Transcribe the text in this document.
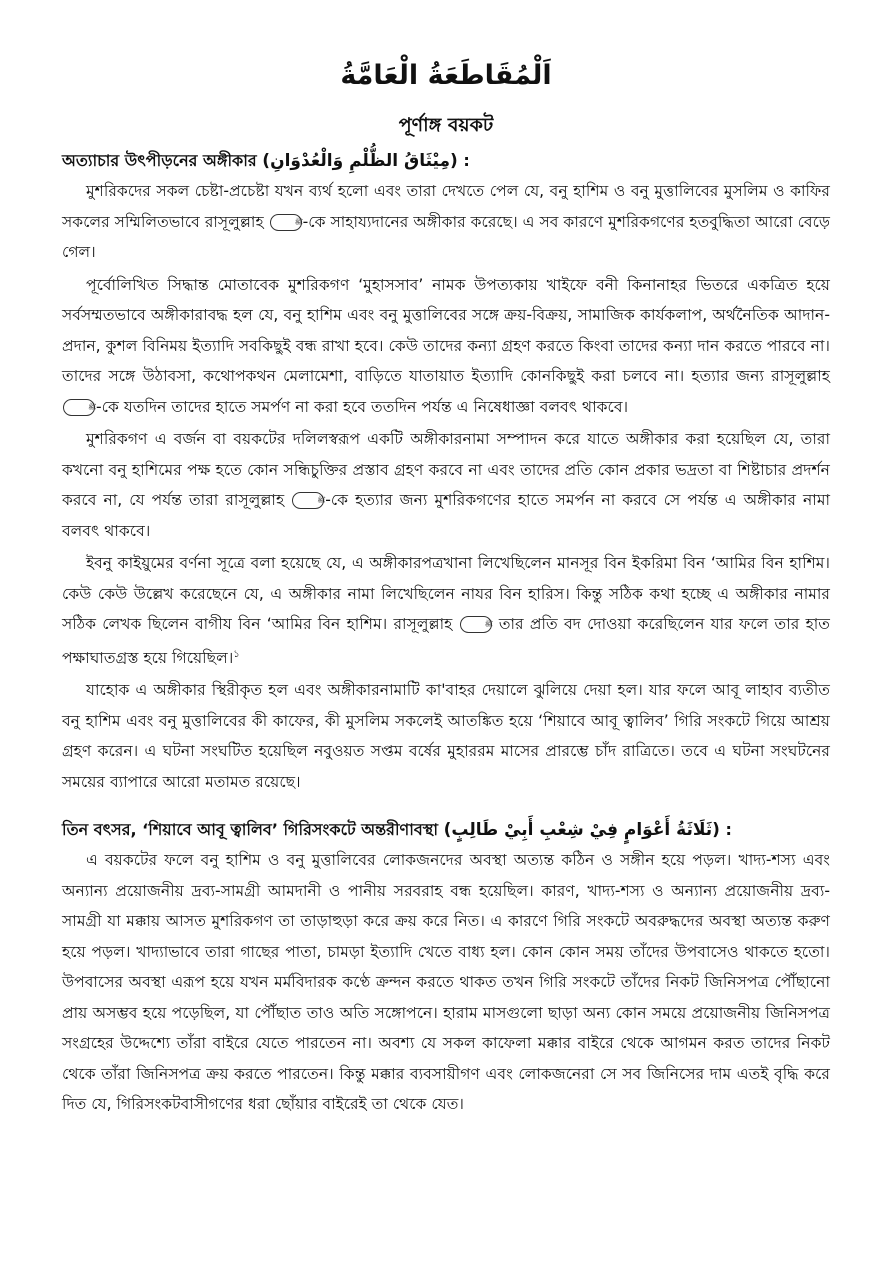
اَلْمُقَاطَعَةُ الْعَامَّةُ
পূর্ণাঙ্গ বয়কট
অত্যাচার উৎপীড়নের অঙ্গীকার (مِيْثَاقُ الظُّلْمِ وَالْعُدْوَانِ) :

মুশরিকদের সকল চেষ্টা-প্রচেষ্টা যখন ব্যর্থ হলো এবং তারা দেখতে পেল যে, বনু হাশিম ও বনু মুত্তালিবের মুসলিম ও কাফির সকলের সম্মিলিতভাবে রাসূলুল্লাহ	ﷺ-কে সাহায্যদানের অঙ্গীকার করেছে। এ সব কারণে মুশরিকগণের হতবুদ্ধিতা আরো বেড়ে গেল।

পূর্বোলিখিত সিদ্ধান্ত মোতাবেক মুশরিকগণ ‘মুহাসসাব’ নামক উপত্যকায় খাইফে বনী কিনানাহর ভিতরে একত্রিত হয়ে সর্বসম্মতভাবে অঙ্গীকারাবদ্ধ হল যে, বনু হাশিম এবং বনু মুত্তালিবের সঙ্গে ক্রয়-বিক্রয়, সামাজিক কার্যকলাপ, অর্থনৈতিক আদান-প্রদান, কুশল বিনিময় ইত্যাদি সবকিছুই বন্ধ রাখা হবে। কেউ তাদের কন্যা গ্রহণ করতে কিংবা তাদের কন্যা দান করতে পারবে না। তাদের সঙ্গে উঠাবসা, কথোপকথন মেলামেশা, বাড়িতে যাতায়াত ইত্যাদি কোনকিছুই করা চলবে না। হত্যার জন্য রাসূলুল্লাহ ﷺ-কে যতদিন তাদের হাতে সমর্পণ না করা হবে ততদিন পর্যন্ত এ নিষেধাজ্ঞা বলবৎ থাকবে।

মুশরিকগণ এ বর্জন বা বয়কটের দলিলস্বরূপ একটি অঙ্গীকারনামা সম্পাদন করে যাতে অঙ্গীকার করা হয়েছিল যে, তারা কখনো বনু হাশিমের পক্ষ হতে কোন সন্ধিচুক্তির প্রস্তাব গ্রহণ করবে না এবং তাদের প্রতি কোন প্রকার ভদ্রতা বা শিষ্টাচার প্রদর্শন করবে না, যে পর্যন্ত তারা রাসূলুল্লাহ	ﷺ-কে হত্যার জন্য মুশরিকগণের হাতে সমর্পন না করবে সে পর্যন্ত এ অঙ্গীকার নামা বলবৎ থাকবে।

ইবনু কাইয়ুমের বর্ণনা সূত্রে বলা হয়েছে যে, এ অঙ্গীকারপত্রখানা লিখেছিলেন মানসূর বিন ইকরিমা বিন ‘আমির বিন হাশিম। কেউ কেউ উল্লেখ করেছেনে যে, এ অঙ্গীকার নামা লিখেছিলেন নাযর বিন হারিস। কিন্তু সঠিক কথা হচ্ছে এ অঙ্গীকার নামার সঠিক লেখক ছিলেন বাগীয বিন ‘আমির বিন হাশিম। রাসূলুল্লাহ	ﷺ তার প্রতি বদ দোওয়া করেছিলেন যার ফলে তার হাত পক্ষাঘাতগ্রস্ত হয়ে গিয়েছিল।$^১$

যাহোক এ অঙ্গীকার স্থিরীকৃত হল এবং অঙ্গীকারনামাটি কা'বাহর দেয়ালে ঝুলিয়ে দেয়া হল। যার ফলে আবূ লাহাব ব্যতীত বনু হাশিম এবং বনু মুত্তালিবের কী কাফের, কী মুসলিম সকলেই আতঙ্কিত হয়ে ‘শিয়াবে আবূ ত্বালিব’ গিরি সংকটে গিয়ে আশ্রয় গ্রহণ করেন। এ ঘটনা সংঘটিত হয়েছিল নবুওয়ত সপ্তম বর্ষের মুহাররম মাসের প্রারম্ভে চাঁদ রাত্রিতে। তবে এ ঘটনা সংঘটনের সময়ের ব্যাপারে আরো মতামত রয়েছে।

তিন বৎসর, ‘শিয়াবে আবূ ত্বালিব’ গিরিসংকটে অন্তরীণাবস্থা (ثَلَاثَةُ أَعْوَامٍ فِيْ شِعْبِ أَبِيْ طَالِبٍ) :

এ বয়কটের ফলে বনু হাশিম ও বনু মুত্তালিবের লোকজনদের অবস্থা অত্যন্ত কঠিন ও সঙ্গীন হয়ে পড়ল। খাদ্য-শস্য এবং অন্যান্য প্রয়োজনীয় দ্রব্য-সামগ্রী আমদানী ও পানীয় সরবরাহ বন্ধ হয়েছিল। কারণ, খাদ্য-শস্য ও অন্যান্য প্রয়োজনীয় দ্রব্য-সামগ্রী যা মক্কায় আসত মুশরিকগণ তা তাড়াহুড়া করে ক্রয় করে নিত। এ কারণে গিরি সংকটে অবরুদ্ধদের অবস্থা অত্যন্ত করুণ হয়ে পড়ল। খাদ্যাভাবে তারা গাছের পাতা, চামড়া ইত্যাদি খেতে বাধ্য হল। কোন কোন সময় তাঁদের উপবাসেও থাকতে হতো। উপবাসের অবস্থা এরূপ হয়ে যখন মর্মবিদারক কণ্ঠে ক্রন্দন করতে থাকত তখন গিরি সংকটে তাঁদের নিকট জিনিসপত্র পৌঁছানো প্রায় অসম্ভব হয়ে পড়েছিল, যা পৌঁছাত তাও অতি সঙ্গোপনে। হারাম মাসগুলো ছাড়া অন্য কোন সময়ে প্রয়োজনীয় জিনিসপত্র সংগ্রহের উদ্দেশ্যে তাঁরা বাইরে যেতে পারতেন না। অবশ্য যে সকল কাফেলা মক্কার বাইরে থেকে আগমন করত তাদের নিকট থেকে তাঁরা জিনিসপত্র ক্রয় করতে পারতেন। কিন্তু মক্কার ব্যবসায়ীগণ এবং লোকজনেরা সে সব জিনিসের দাম এতই বৃদ্ধি করে দিত যে, গিরিসংকটবাসীগণের ধরা ছোঁয়ার বাইরেই তা থেকে যেত।
